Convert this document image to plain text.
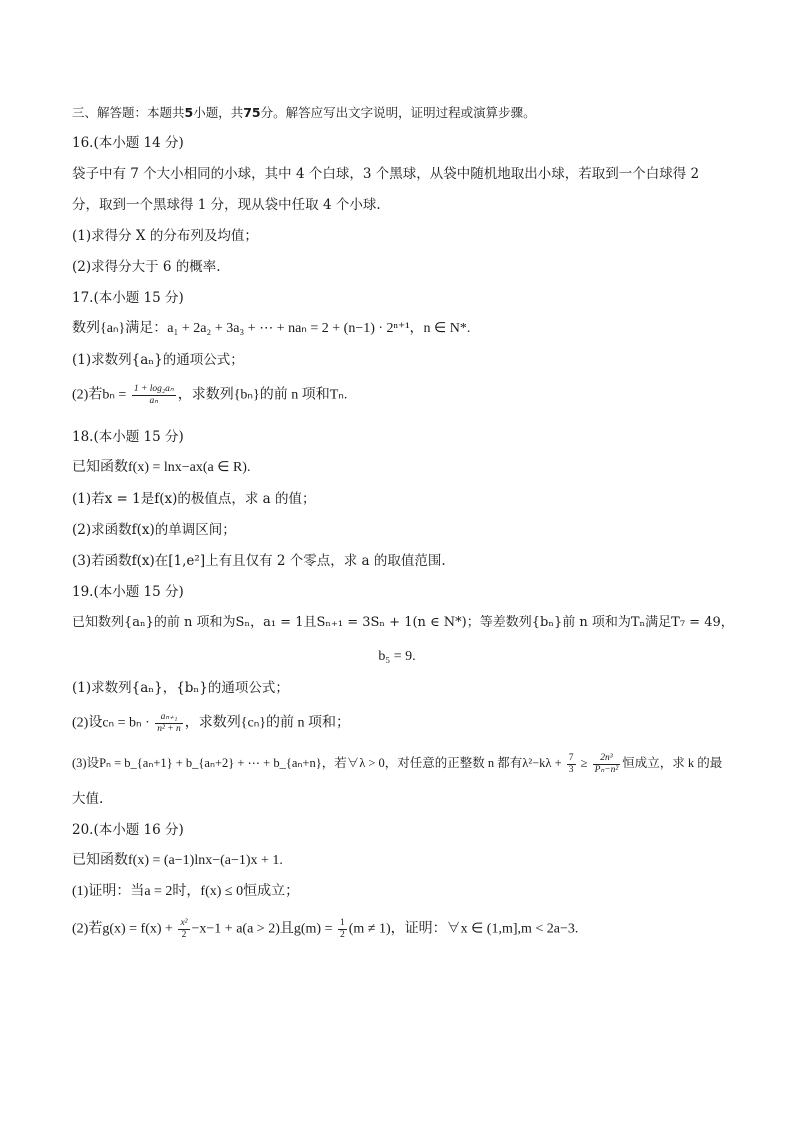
三、解答题：本题共5小题，共75分。解答应写出文字说明，证明过程或演算步骤。
16.(本小题 14 分)
袋子中有 7 个大小相同的小球，其中 4 个白球，3 个黑球，从袋中随机地取出小球，若取到一个白球得 2
分，取到一个黑球得 1 分，现从袋中任取 4 个小球.
(1)求得分 X 的分布列及均值；
(2)求得分大于 6 的概率.
17.(本小题 15 分)
数列{aₙ}满足：a₁ + 2a₂ + 3a₃ + ⋯ + naₙ = 2 + (n−1) · 2ⁿ⁺¹，n ∈ N*.
(1)求数列{aₙ}的通项公式；
(2)若$b_n = \frac{\text{1 + log₂aₙ}}{\text{aₙ}}$ ，求数列{bₙ}的前 n 项和Tₙ.
18.(本小题 15 分)
已知函数f(x) = lnx−ax(a ∈ R).
(1)若x = 1是f(x)的极值点，求 a 的值；
(2)求函数f(x)的单调区间；
(3)若函数f(x)在[1,e²]上有且仅有 2 个零点，求 a 的取值范围.
19.(本小题 15 分)
已知数列{aₙ}的前 n 项和为Sₙ，a₁ = 1且Sₙ₊₁ = 3Sₙ + 1(n ∈ N*)；等差数列{bₙ}前 n 项和为Tₙ满足T₇ = 49，
b₅ = 9.
(1)求数列{aₙ}，{bₙ}的通项公式；
(2)设$c_n = b_n \cdot \frac{\text{aₙ₊₁}}{\text{n² + n}}$ ，求数列{cₙ}的前 n 项和；
(3)设Pₙ = b_{aₙ+1} + b_{aₙ+2} + ⋯ + b_{aₙ+n}，若∀λ > 0，对任意的正整数 n 都有$\lambda^2-k\lambda + \frac{7}{3} \ge \frac{\text{2n³}}{\text{Pₙ−n²}}$ 恒成立，求 k 的最
大值.
20.(本小题 16 分)
已知函数f(x) = (a−1)lnx−(a−1)x + 1.
(1)证明：当a = 2时，f(x) ≤ 0恒成立；
(2)若$g(x) = f(x) + \frac{\text{x²}}{2} -x-1 + a(a > 2)$且$g(m) = \frac{1}{2} (m \ne 1)$，证明：∀x ∈ (1,m],m < 2a−3.
